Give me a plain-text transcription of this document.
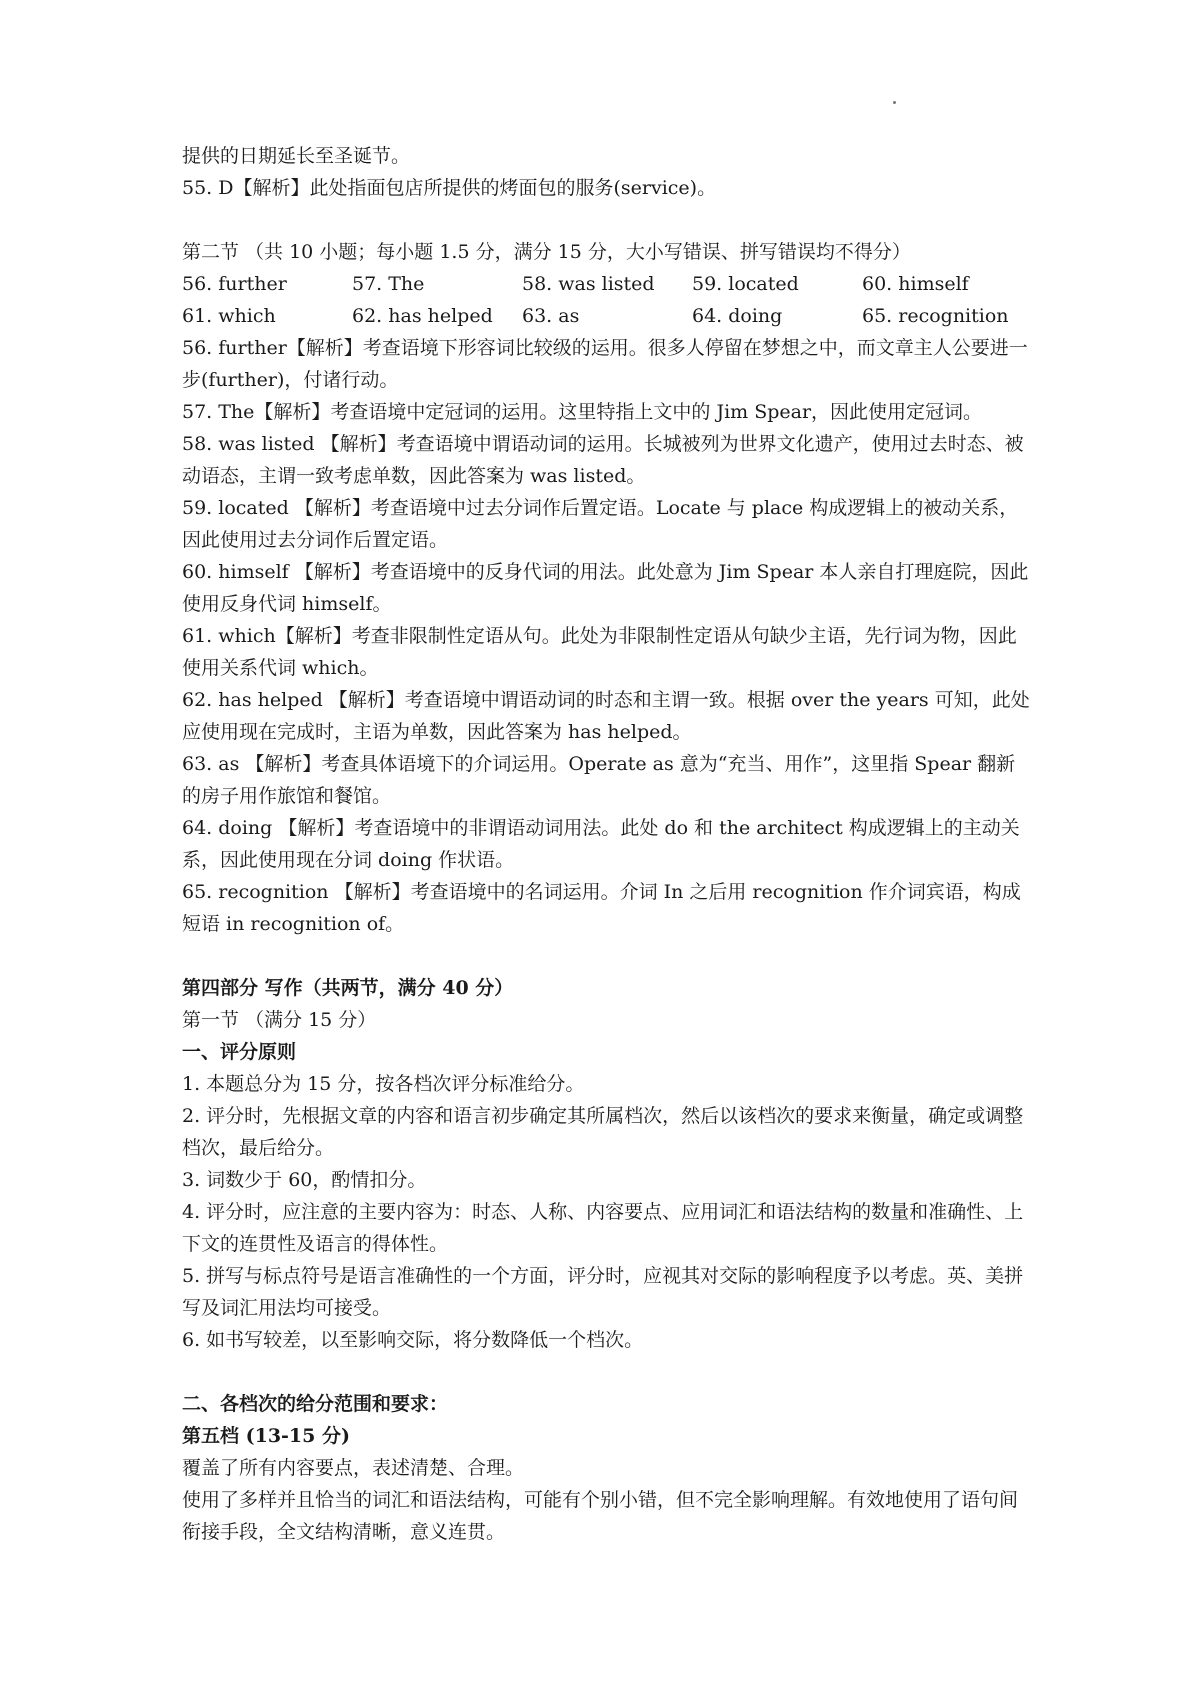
提供的日期延长至圣诞节。
55. D【解析】此处指面包店所提供的烤面包的服务(service)。
第二节 （共 10 小题；每小题 1.5 分，满分 15 分，大小写错误、拼写错误均不得分）
56. further	57. The	58. was listed	59. located	60. himself
61. which	62. has helped	63. as	64. doing	65. recognition

56. further【解析】考查语境下形容词比较级的运用。很多人停留在梦想之中，而文章主人公要进一步(further)，付诸行动。

57. The【解析】考查语境中定冠词的运用。这里特指上文中的 Jim Spear，因此使用定冠词。

58. was listed 【解析】考查语境中谓语动词的运用。长城被列为世界文化遗产，使用过去时态、被动语态，主谓一致考虑单数，因此答案为 was listed。

59. located 【解析】考查语境中过去分词作后置定语。Locate 与 place 构成逻辑上的被动关系，因此使用过去分词作后置定语。

60. himself 【解析】考查语境中的反身代词的用法。此处意为 Jim Spear 本人亲自打理庭院，因此使用反身代词 himself。

61. which【解析】考查非限制性定语从句。此处为非限制性定语从句缺少主语，先行词为物，因此使用关系代词 which。

62. has helped 【解析】考查语境中谓语动词的时态和主谓一致。根据 over the years 可知，此处应使用现在完成时，主语为单数，因此答案为 has helped。

63. as 【解析】考查具体语境下的介词运用。Operate as 意为“充当、用作”，这里指 Spear 翻新的房子用作旅馆和餐馆。

64. doing 【解析】考查语境中的非谓语动词用法。此处 do 和 the architect 构成逻辑上的主动关系，因此使用现在分词 doing 作状语。

65. recognition 【解析】考查语境中的名词运用。介词 In 之后用 recognition 作介词宾语，构成短语 in recognition of。

第四部分 写作（共两节，满分 40 分）
第一节 （满分 15 分）
一、评分原则

1. 本题总分为 15 分，按各档次评分标准给分。

2. 评分时，先根据文章的内容和语言初步确定其所属档次，然后以该档次的要求来衡量，确定或调整档次，最后给分。

3. 词数少于 60，酌情扣分。

4. 评分时，应注意的主要内容为：时态、人称、内容要点、应用词汇和语法结构的数量和准确性、上下文的连贯性及语言的得体性。

5. 拼写与标点符号是语言准确性的一个方面，评分时，应视其对交际的影响程度予以考虑。英、美拼写及词汇用法均可接受。

6. 如书写较差，以至影响交际，将分数降低一个档次。

二、各档次的给分范围和要求：
第五档 (13-15 分)

覆盖了所有内容要点，表述清楚、合理。

使用了多样并且恰当的词汇和语法结构，可能有个别小错，但不完全影响理解。有效地使用了语句间衔接手段，全文结构清晰，意义连贯。
